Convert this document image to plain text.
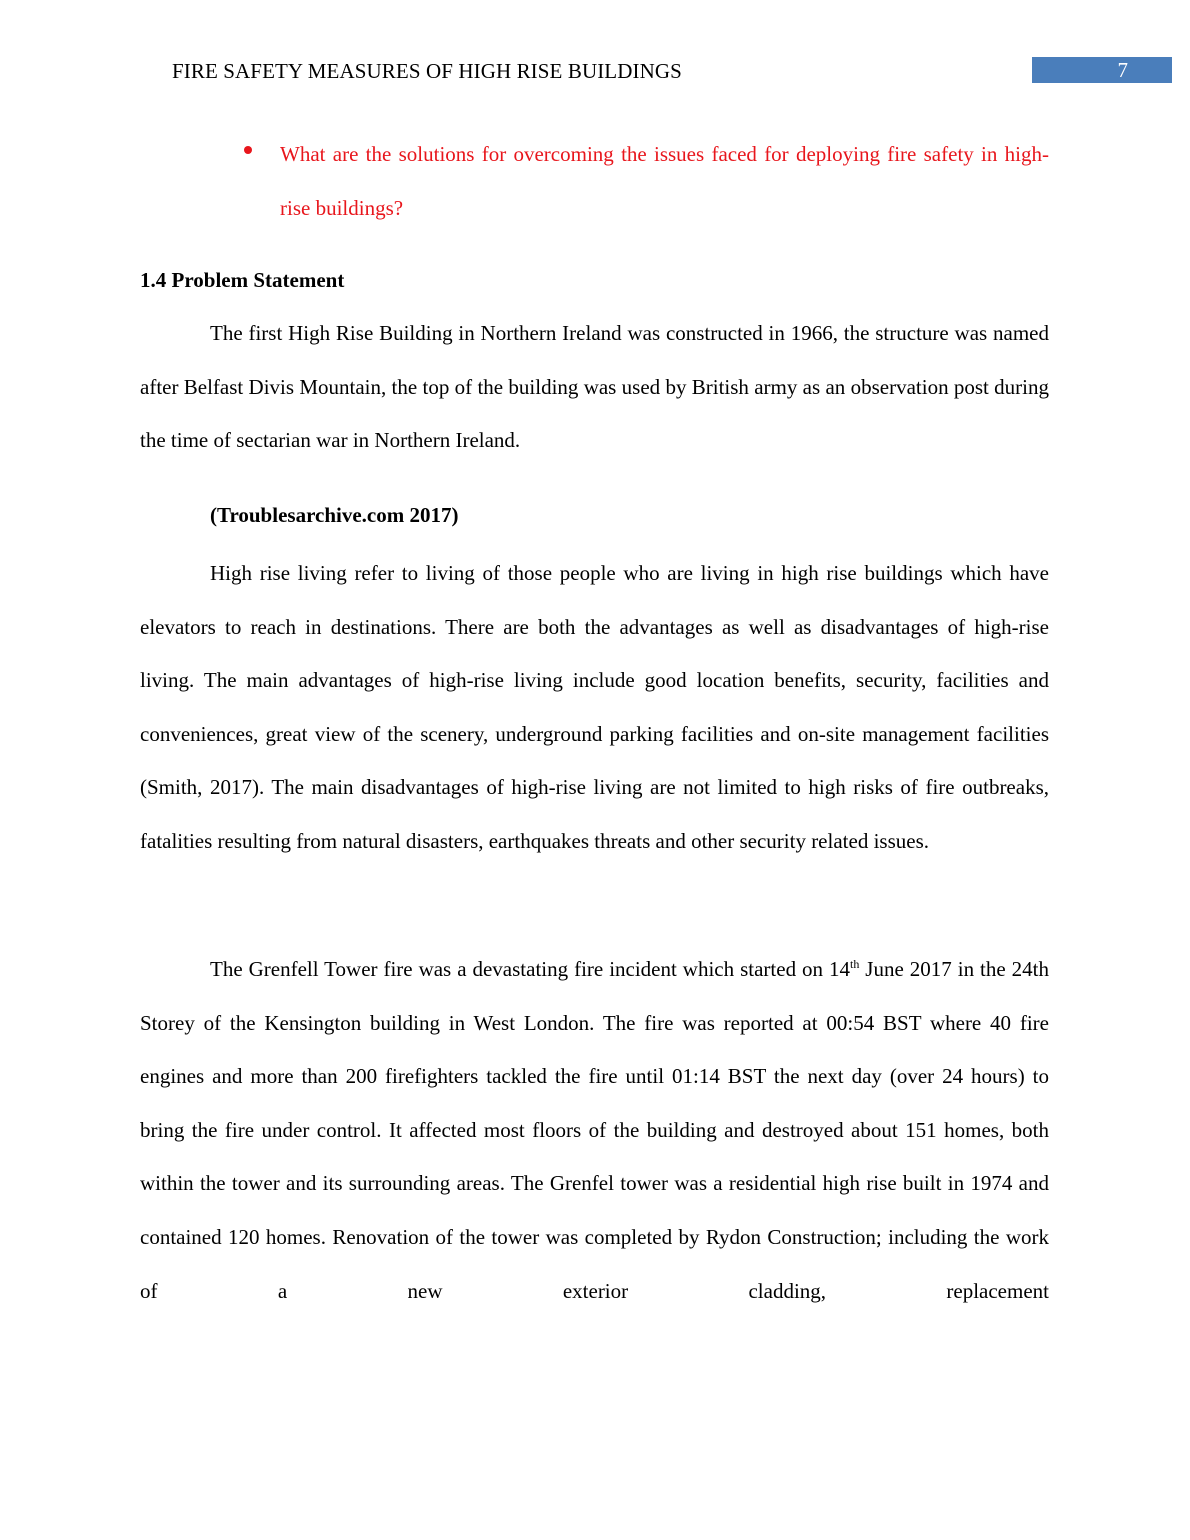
FIRE SAFETY MEASURES OF HIGH RISE BUILDINGS	7
What are the solutions for overcoming the issues faced for deploying fire safety in high-rise buildings?
1.4 Problem Statement
The first High Rise Building in Northern Ireland was constructed in 1966, the structure was named after Belfast Divis Mountain, the top of the building was used by British army as an observation post during the time of sectarian war in Northern Ireland.
(Troublesarchive.com 2017)
High rise living refer to living of those people who are living in high rise buildings which have elevators to reach in destinations. There are both the advantages as well as disadvantages of high-rise living. The main advantages of high-rise living include good location benefits, security, facilities and conveniences, great view of the scenery, underground parking facilities and on-site management facilities (Smith, 2017). The main disadvantages of high-rise living are not limited to high risks of fire outbreaks, fatalities resulting from natural disasters, earthquakes threats and other security related issues.
The Grenfell Tower fire was a devastating fire incident which started on 14th June 2017 in the 24th Storey of the Kensington building in West London. The fire was reported at 00:54 BST where 40 fire engines and more than 200 firefighters tackled the fire until 01:14 BST the next day (over 24 hours) to bring the fire under control. It affected most floors of the building and destroyed about 151 homes, both within the tower and its surrounding areas. The Grenfel tower was a residential high rise built in 1974 and contained 120 homes. Renovation of the tower was completed by Rydon Construction; including the work of a new exterior cladding, replacement
